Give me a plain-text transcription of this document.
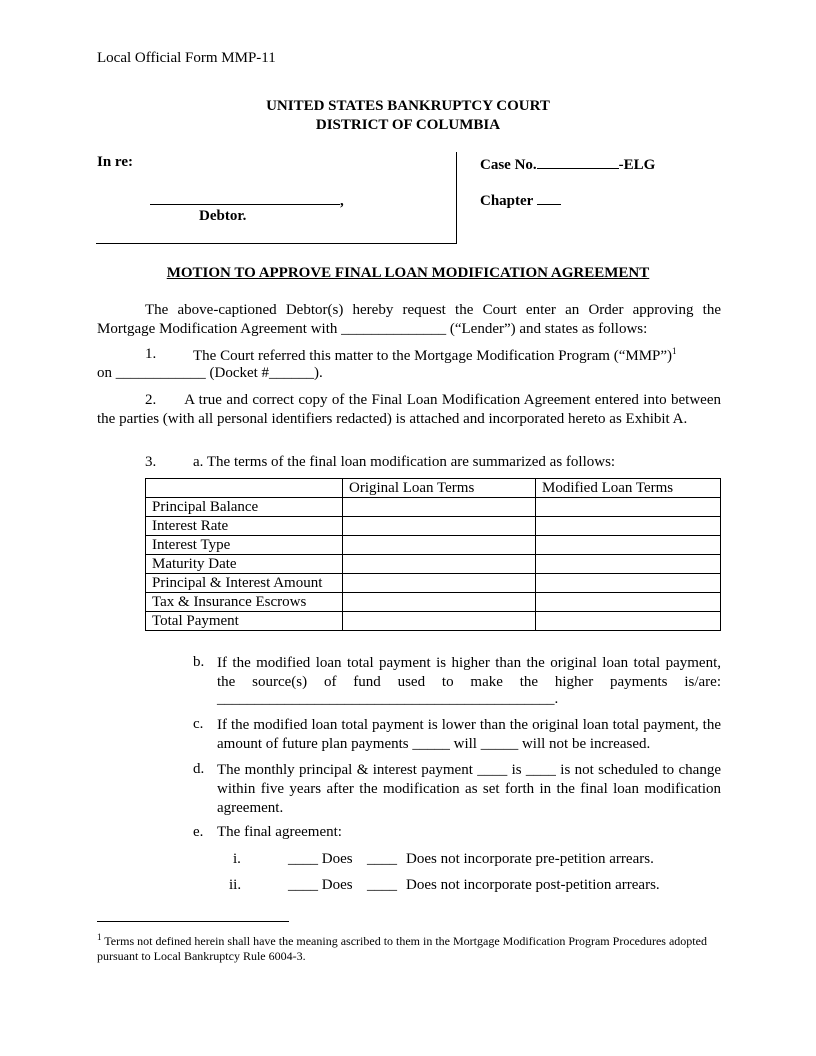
Local Official Form MMP-11
UNITED STATES BANKRUPTCY COURT
DISTRICT OF COLUMBIA
In re:
,
Debtor.
Case No.	-ELG
Chapter
MOTION TO APPROVE FINAL LOAN MODIFICATION AGREEMENT
The above-captioned Debtor(s) hereby request the Court enter an Order approving the Mortgage Modification Agreement with ______________ (“Lender”) and states as follows:
1. The Court referred this matter to the Mortgage Modification Program (“MMP”)$^1$
on ____________ (Docket #______).
2. A true and correct copy of the Final Loan Modification Agreement entered into between the parties (with all personal identifiers redacted) is attached and incorporated hereto as Exhibit A.
3. a. The terms of the final loan modification are summarized as follows:
	Original Loan Terms	Modified Loan Terms
Principal Balance		
Interest Rate		
Interest Type		
Maturity Date		
Principal & Interest Amount		
Tax & Insurance Escrows		
Total Payment		
b. If the modified loan total payment is higher than the original loan total payment, the source(s) of fund used to make the higher payments is/are:
_____________________________________________.
c. If the modified loan total payment is lower than the original loan total payment, the amount of future plan payments _____ will _____ will not be increased.
d. The monthly principal & interest payment ____ is ____ is not scheduled to change within five years after the modification as set forth in the final loan modification agreement.
e. The final agreement:
i.	____ Does ____ Does not incorporate pre-petition arrears.
ii.	____ Does ____ Does not incorporate post-petition arrears.
$^1$ Terms not defined herein shall have the meaning ascribed to them in the Mortgage Modification Program Procedures adopted pursuant to Local Bankruptcy Rule 6004-3.
